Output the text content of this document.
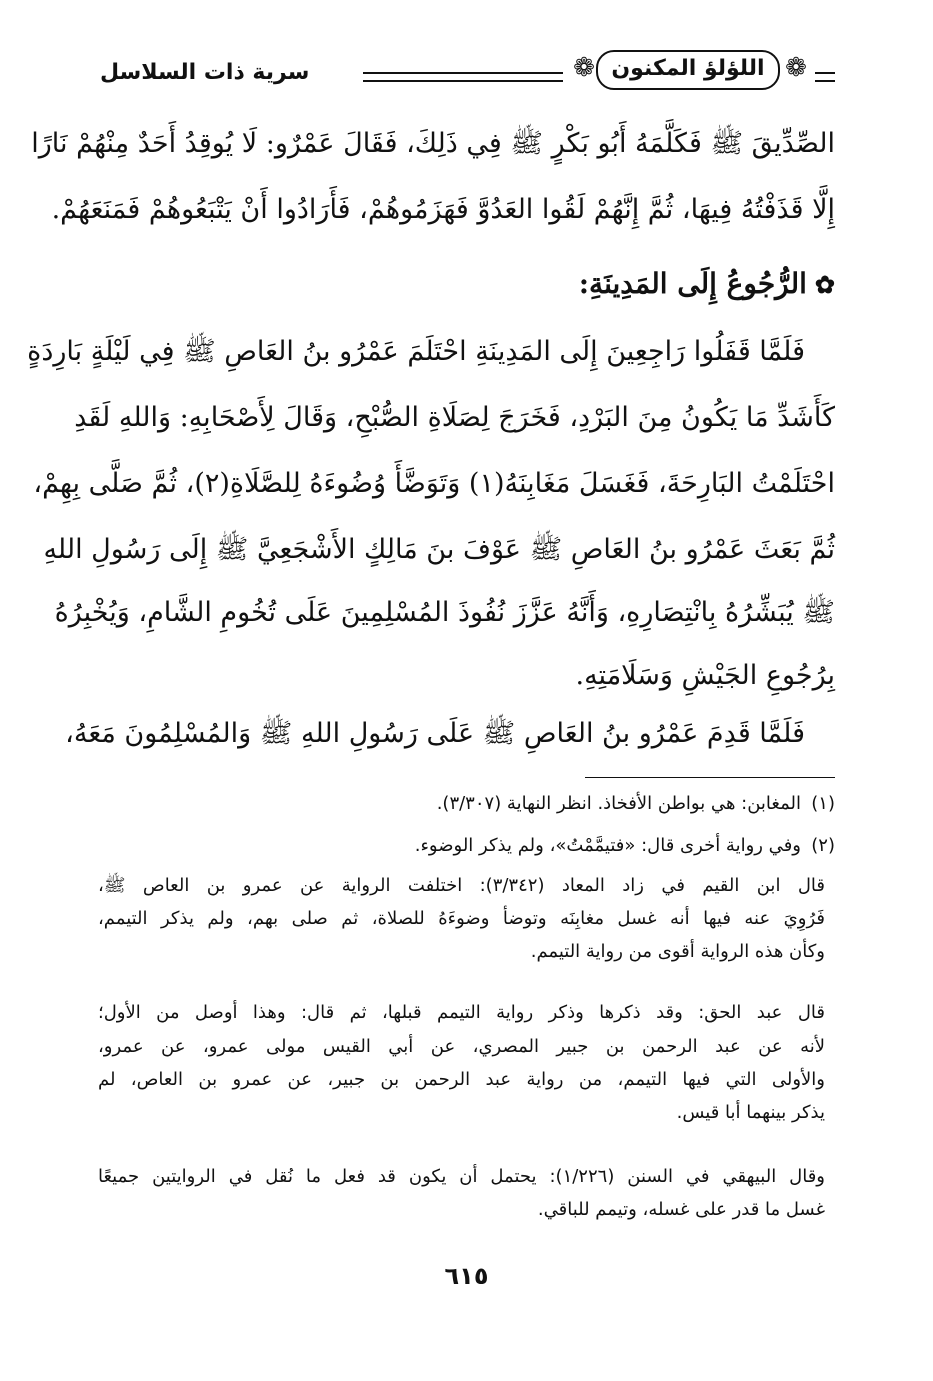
❁
اللؤلؤ المكنون
❁
سرية ذات السلاسل
الصِّدِّيقَ ﷺ فَكَلَّمَهُ أَبُو بَكْرٍ ﷺ فِي ذَلِكَ، فَقَالَ عَمْرٌو: لَا يُوقِدُ أَحَدٌ مِنْهُمْ نَارًا
إِلَّا قَذَفْتُهُ فِيهَا، ثُمَّ إِنَّهُمْ لَقُوا العَدُوَّ فَهَزَمُوهُمْ، فَأَرَادُوا أَنْ يَتْبَعُوهُمْ فَمَنَعَهُمْ.
✿الرُّجُوعُ إِلَى المَدِينَةِ:
فَلَمَّا قَفَلُوا رَاجِعِينَ إِلَى المَدِينَةِ احْتَلَمَ عَمْرُو بنُ العَاصِ ﷺ فِي لَيْلَةٍ بَارِدَةٍ
كَأَشَدِّ مَا يَكُونُ مِنَ البَرْدِ، فَخَرَجَ لِصَلَاةِ الصُّبْحِ، وَقَالَ لِأَصْحَابِهِ: وَاللهِ لَقَدِ
احْتَلَمْتُ البَارِحَةَ، فَغَسَلَ مَغَابِنَهُ(١) وَتَوَضَّأَ وُضُوءَهُ لِلصَّلَاةِ(٢)، ثُمَّ صَلَّى بِهِمْ،
ثُمَّ بَعَثَ عَمْرُو بنُ العَاصِ ﷺ عَوْفَ بنَ مَالِكٍ الأَشْجَعِيَّ ﷺ إِلَى رَسُولِ اللهِ
ﷺ يُبَشِّرُهُ بِانْتِصَارِهِ، وَأَنَّهُ عَزَّزَ نُفُوذَ المُسْلِمِينَ عَلَى تُخُومِ الشَّامِ، وَيُخْبِرُهُ
بِرُجُوعِ الجَيْشِ وَسَلَامَتِهِ.
فَلَمَّا قَدِمَ عَمْرُو بنُ العَاصِ ﷺ عَلَى رَسُولِ اللهِ ﷺ وَالمُسْلِمُونَ مَعَهُ،
(١)المغابن: هي بواطن الأفخاذ. انظر النهاية (٣/٣٠٧).
(٢)وفي رواية أخرى قال: «فتيمَّمْتُ»، ولم يذكر الوضوء.
قال ابن القيم في زاد المعاد (٣/٣٤٢): اختلفت الرواية عن عمرو بن العاص ﷺ،
فَرُوِيَ عنه فيها أنه غسل مغابِنَه وتوضأ وضوءَهُ للصلاة، ثم صلى بهم، ولم يذكر التيمم،
وكأن هذه الرواية أقوى من رواية التيمم.
قال عبد الحق: وقد ذكرها وذكر رواية التيمم قبلها، ثم قال: وهذا أوصل من الأول؛
لأنه عن عبد الرحمن بن جبير المصري، عن أبي القيس مولى عمرو، عن عمرو،
والأولى التي فيها التيمم، من رواية عبد الرحمن بن جبير، عن عمرو بن العاص، لم
يذكر بينهما أبا قيس.
وقال البيهقي في السنن (١/٢٢٦): يحتمل أن يكون قد فعل ما نُقل في الروايتين جميعًا
غسل ما قدر على غسله، وتيمم للباقي.
٦١٥
